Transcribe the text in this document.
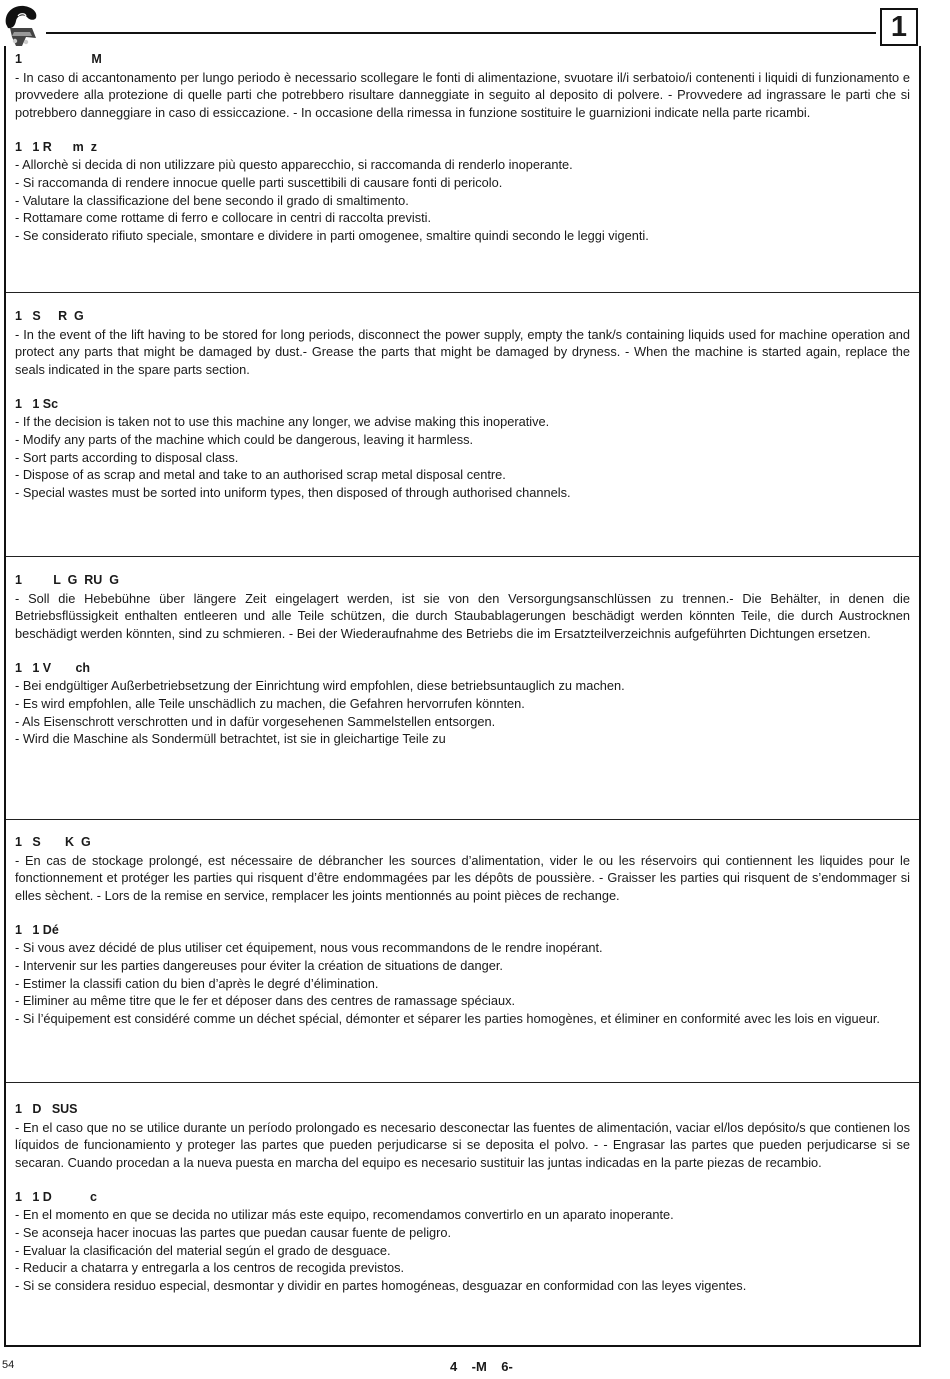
1
1                    M

- In caso di accantonamento per lungo periodo è necessario scollegare le fonti di alimentazione, svuotare il/i serbatoio/i contenenti i liquidi di funzionamento e provvedere alla protezione di quelle parti che potrebbero risultare danneggiate in seguito al deposito di polvere. - Provvedere ad ingrassare le parti che si potrebbero danneggiare in caso di essiccazione. - In occasione della rimessa in funzione sostituire le guarnizioni indicate nella parte ricambi.

1   1 R      m  z

- Allorchè si decida di non utilizzare più questo apparecchio, si raccomanda di renderlo inoperante.

- Si raccomanda di rendere innocue quelle parti suscettibili di causare fonti di pericolo.

- Valutare la classificazione del bene secondo il grado di smaltimento.

- Rottamare come rottame di ferro e collocare in centri di raccolta previsti.

- Se considerato rifiuto speciale, smontare e dividere in parti omogenee, smaltire quindi secondo le leggi vigenti.

1   S     R  G

- In the event of the lift having to be stored for long periods, disconnect the power supply, empty the tank/s containing liquids used for machine operation and protect any parts that might be damaged by dust.- Grease the parts that might be damaged by dryness. - When the machine is started again, replace the seals indicated in the spare parts section.

1   1 Sc

- If the decision is taken not to use this machine any longer, we advise making this inoperative.

- Modify any parts of the machine which could be dangerous, leaving it harmless.

- Sort parts according to disposal class.

- Dispose of as scrap and metal and take to an authorised scrap metal disposal centre.

- Special wastes must be sorted into uniform types, then disposed of through authorised channels.

1         L  G  RU  G

- Soll die Hebebühne über längere Zeit eingelagert werden, ist sie von den Versorgungsanschlüssen zu trennen.- Die Behälter, in denen die Betriebsflüssigkeit enthalten entleeren und alle Teile schützen, die durch Staubablagerungen beschädigt werden könnten Teile, die durch Austrocknen beschädigt werden könnten, sind zu schmieren. - Bei der Wiederaufnahme des Betriebs die im Ersatzteilverzeichnis aufgeführten Dichtungen ersetzen.

1   1 V       ch

- Bei endgültiger Außerbetriebsetzung der Einrichtung wird empfohlen, diese betriebsuntauglich zu machen.

- Es wird empfohlen, alle Teile unschädlich zu machen, die Gefahren hervorrufen könnten.

- Als Eisenschrott verschrotten und in dafür vorgesehenen Sammelstellen entsorgen.

- Wird die Maschine als Sondermüll betrachtet, ist sie in gleichartige Teile zu

1   S       K  G

- En cas de stockage prolongé, est nécessaire de débrancher les sources d’alimentation, vider le ou les réservoirs qui contiennent les liquides pour le fonctionnement et protéger les parties qui risquent d’être endommagées par les dépôts de poussière. - Graisser les parties qui risquent de s’endommager si elles sèchent. - Lors de la remise en service, remplacer les joints mentionnés au point pièces de rechange.

1   1 Dé

- Si vous avez décidé de plus utiliser cet équipement, nous vous recommandons de le rendre inopérant.

- Intervenir sur les parties dangereuses pour éviter la création de situations de danger.

- Estimer la classifi cation du bien d’après le degré d’élimination.

- Eliminer au même titre que le fer et déposer dans des centres de ramassage spéciaux.

- Si l’équipement est considéré comme un déchet spécial, démonter et séparer les parties homogènes, et éliminer en conformité avec les lois en vigueur.

1   D   SUS

- En el caso que no se utilice durante un período prolongado es necesario desconectar las fuentes de alimentación, vaciar el/los depósito/s que contienen los líquidos de funcionamiento y proteger las partes que pueden perjudicarse si se deposita el polvo. - - Engrasar las partes que pueden perjudicarse si se secaran. Cuando procedan a la nueva puesta en marcha del equipo es necesario sustituir las juntas indicadas en la parte piezas de recambio.

1   1 D           c

- En el momento en que se decida no utilizar más este equipo, recomendamos convertirlo en un aparato inoperante.

- Se aconseja hacer inocuas las partes que puedan causar fuente de peligro.

- Evaluar la clasificación del material según el grado de desguace.

- Reducir a chatarra y entregarla a los centros de recogida previstos.

- Si se considera residuo especial, desmontar y dividir en partes homogéneas, desguazar en conformidad con las leyes vigentes.

54	4    -M    6-
